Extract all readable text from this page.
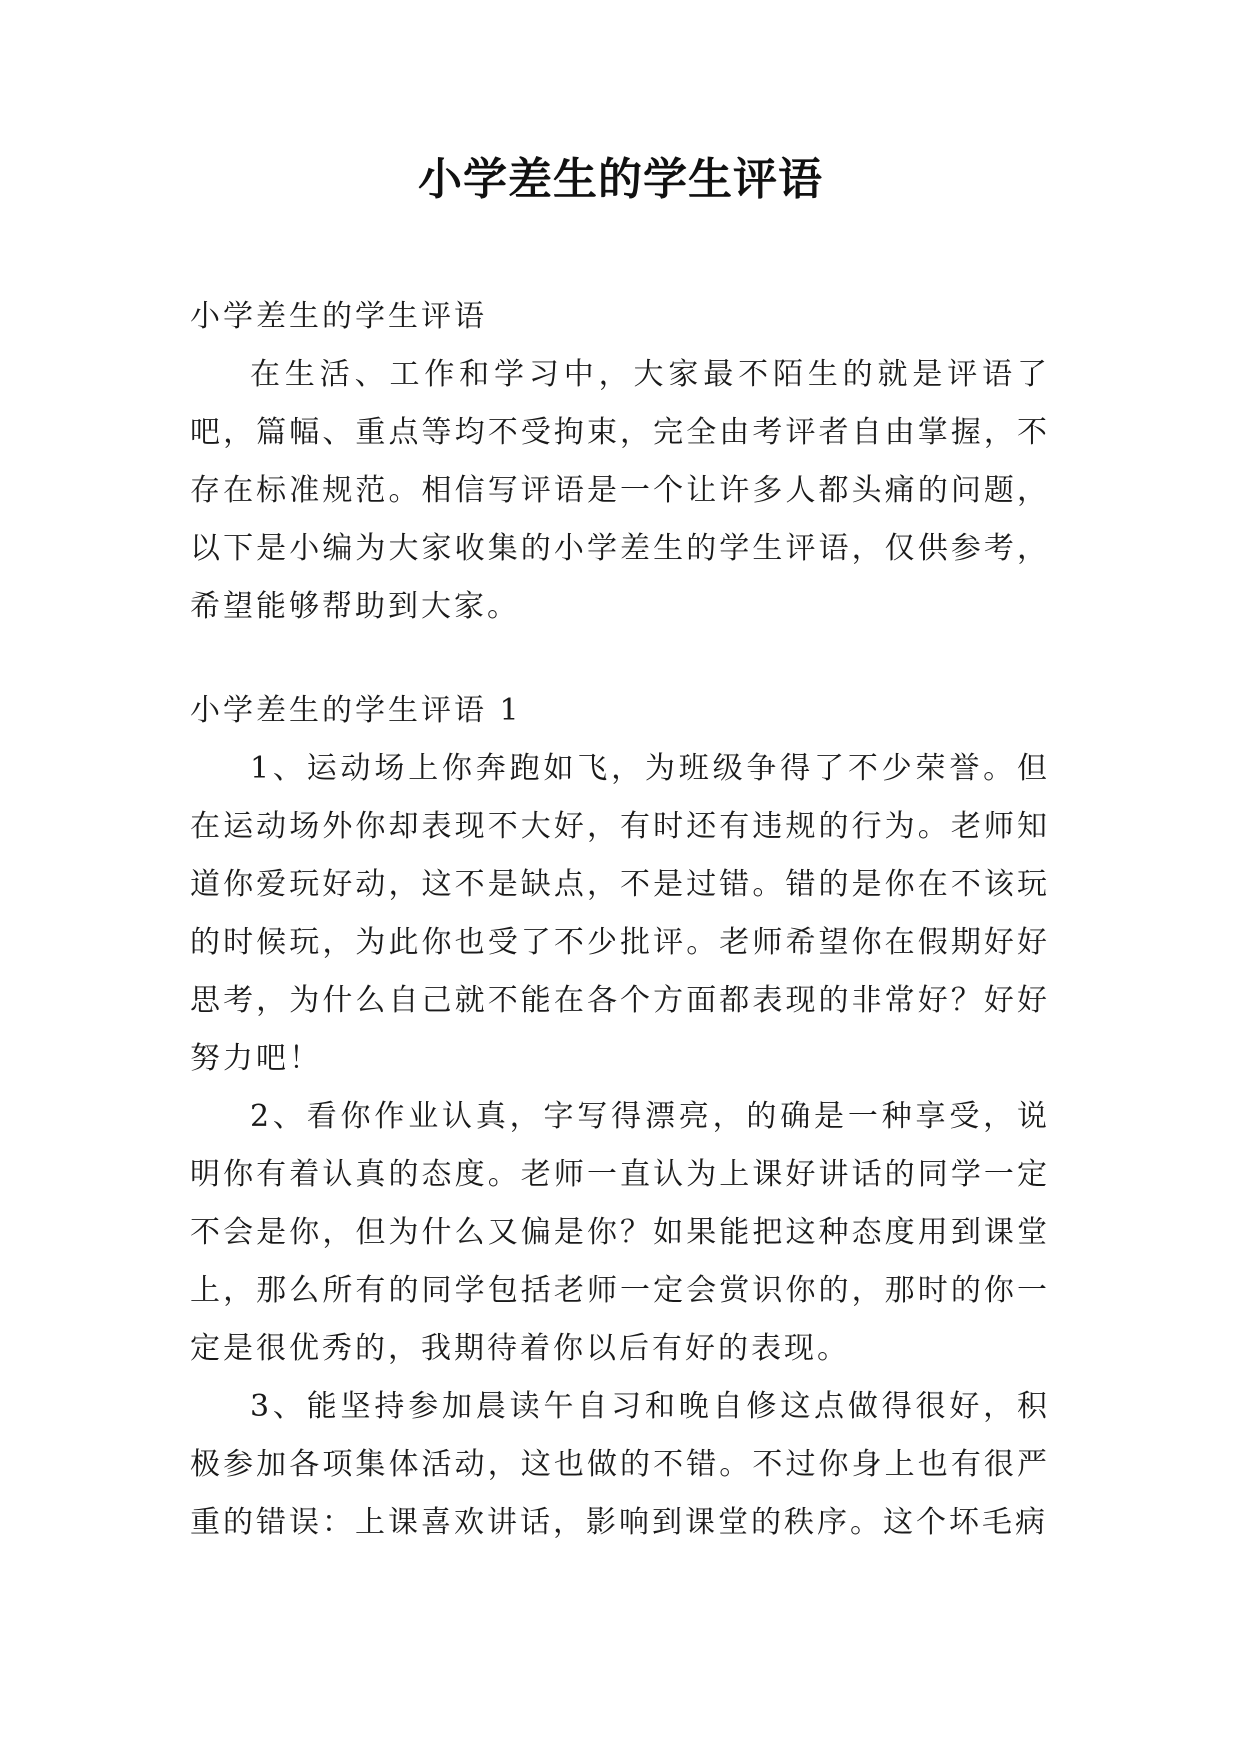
小学差生的学生评语

小学差生的学生评语

在生活、工作和学习中，大家最不陌生的就是评语了吧，篇幅、重点等均不受拘束，完全由考评者自由掌握，不存在标准规范。相信写评语是一个让许多人都头痛的问题，以下是小编为大家收集的小学差生的学生评语，仅供参考，希望能够帮助到大家。

小学差生的学生评语 1

1、运动场上你奔跑如飞，为班级争得了不少荣誉。但在运动场外你却表现不大好，有时还有违规的行为。老师知道你爱玩好动，这不是缺点，不是过错。错的是你在不该玩的时候玩，为此你也受了不少批评。老师希望你在假期好好思考，为什么自己就不能在各个方面都表现的非常好？好好努力吧！

2、看你作业认真，字写得漂亮，的确是一种享受，说明你有着认真的态度。老师一直认为上课好讲话的同学一定不会是你，但为什么又偏是你？如果能把这种态度用到课堂上，那么所有的同学包括老师一定会赏识你的，那时的你一定是很优秀的，我期待着你以后有好的表现。

3、能坚持参加晨读午自习和晚自修这点做得很好，积极参加各项集体活动，这也做的不错。不过你身上也有很严重的错误：上课喜欢讲话，影响到课堂的秩序。这个坏毛病
